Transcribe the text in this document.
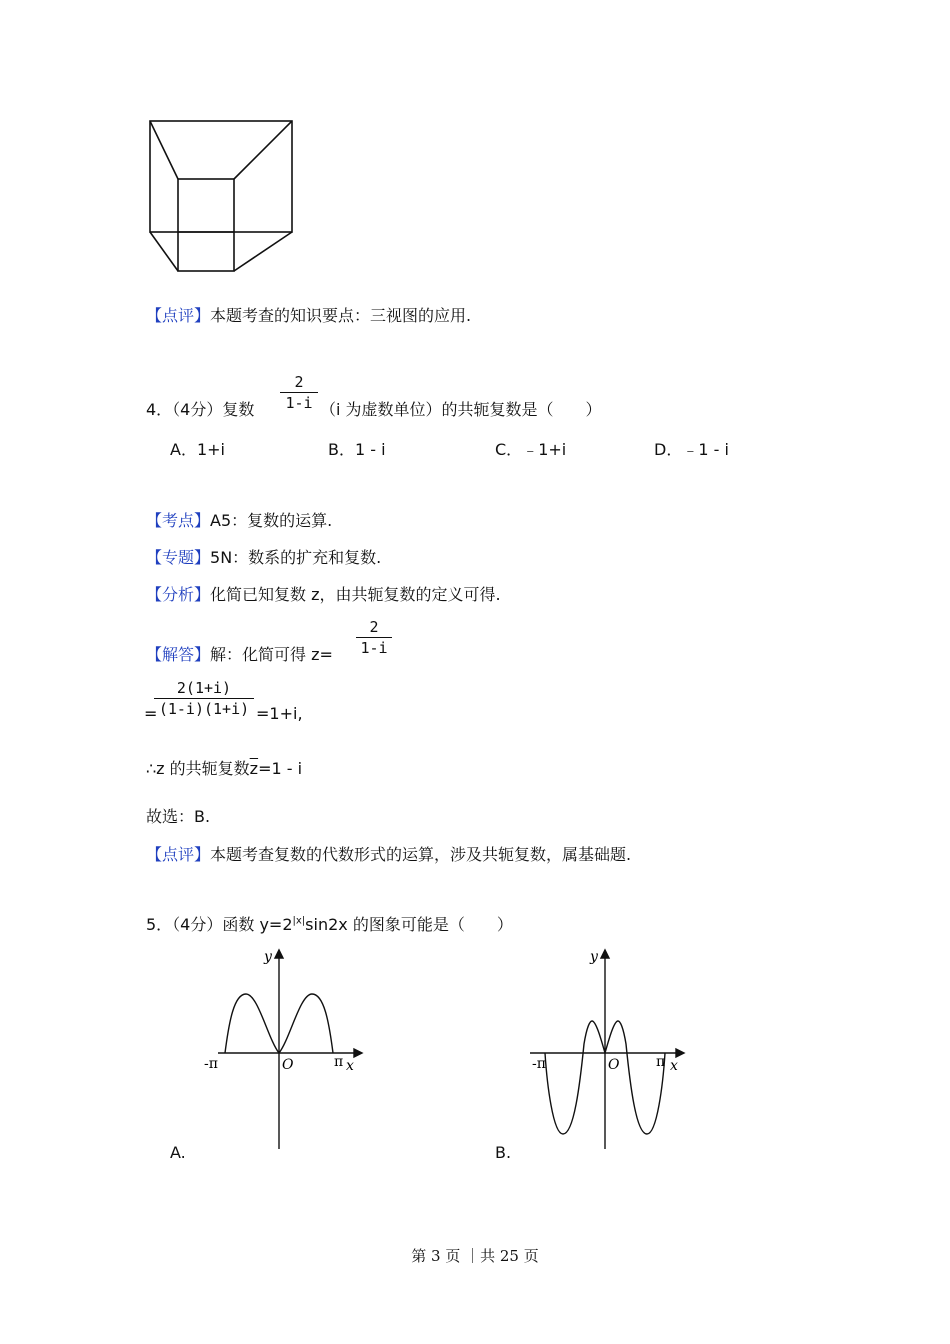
【点评】本题考查的知识要点：三视图的应用.
4．（4分）复数 $\frac{2}{1-i} (i$ 为虚数单位）的共轭复数是（　　）
A．1+i	B．1 - i	C．﹣1+i	D．﹣1 - i
【考点】A5：复数的运算.
【专题】5N：数系的扩充和复数.
【分析】化简已知复数 z，由共轭复数的定义可得.
【解答】解：化简可得 $z= \frac{2}{1-i}$
=
$\frac{2(1+i)}{(1-i)(1+i)} =1+i$,
∴z 的共轭复数$\overline{z}=1 - i$
故选：B.
【点评】本题考查复数的代数形式的运算，涉及共轭复数，属基础题.
5．（4分）函数 $y=2^{|x|}\sin 2x$ 的图象可能是（　　）
y
-π	O	π x
A.
y
-π	O	π x
B.
第 3 页 ｜共 25 页
